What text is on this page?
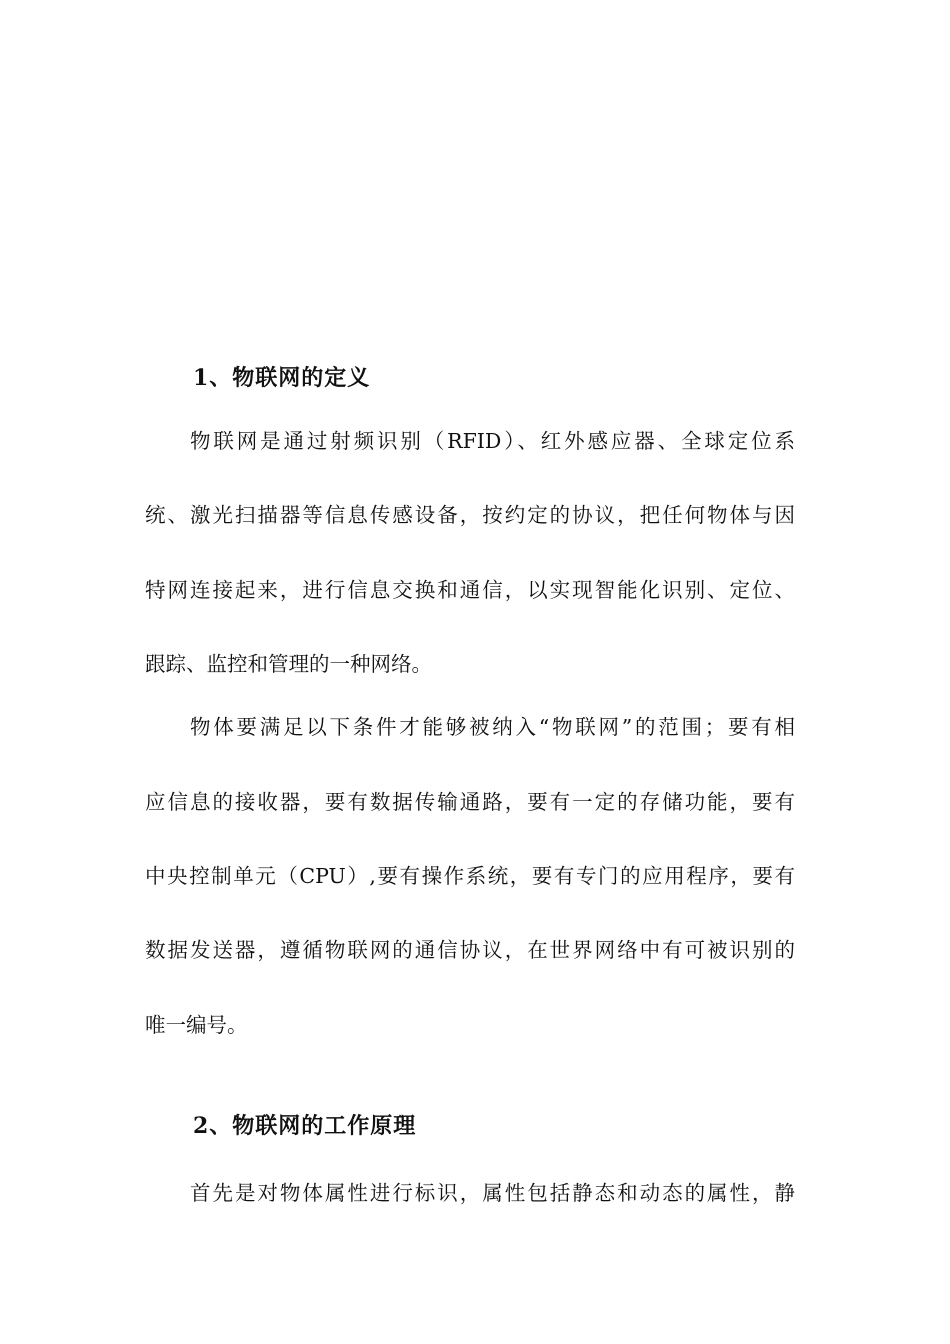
1、物联网的定义
物联网是通过射频识别（RFID）、红外感应器、全球定位系
统、激光扫描器等信息传感设备，按约定的协议，把任何物体与因
特网连接起来，进行信息交换和通信，以实现智能化识别、定位、
跟踪、监控和管理的一种网络。
物体要满足以下条件才能够被纳入“物联网”的范围；要有相
应信息的接收器，要有数据传输通路，要有一定的存储功能，要有
中央控制单元（CPU）,要有操作系统，要有专门的应用程序，要有
数据发送器，遵循物联网的通信协议，在世界网络中有可被识别的
唯一编号。
2、物联网的工作原理
首先是对物体属性进行标识，属性包括静态和动态的属性，静
